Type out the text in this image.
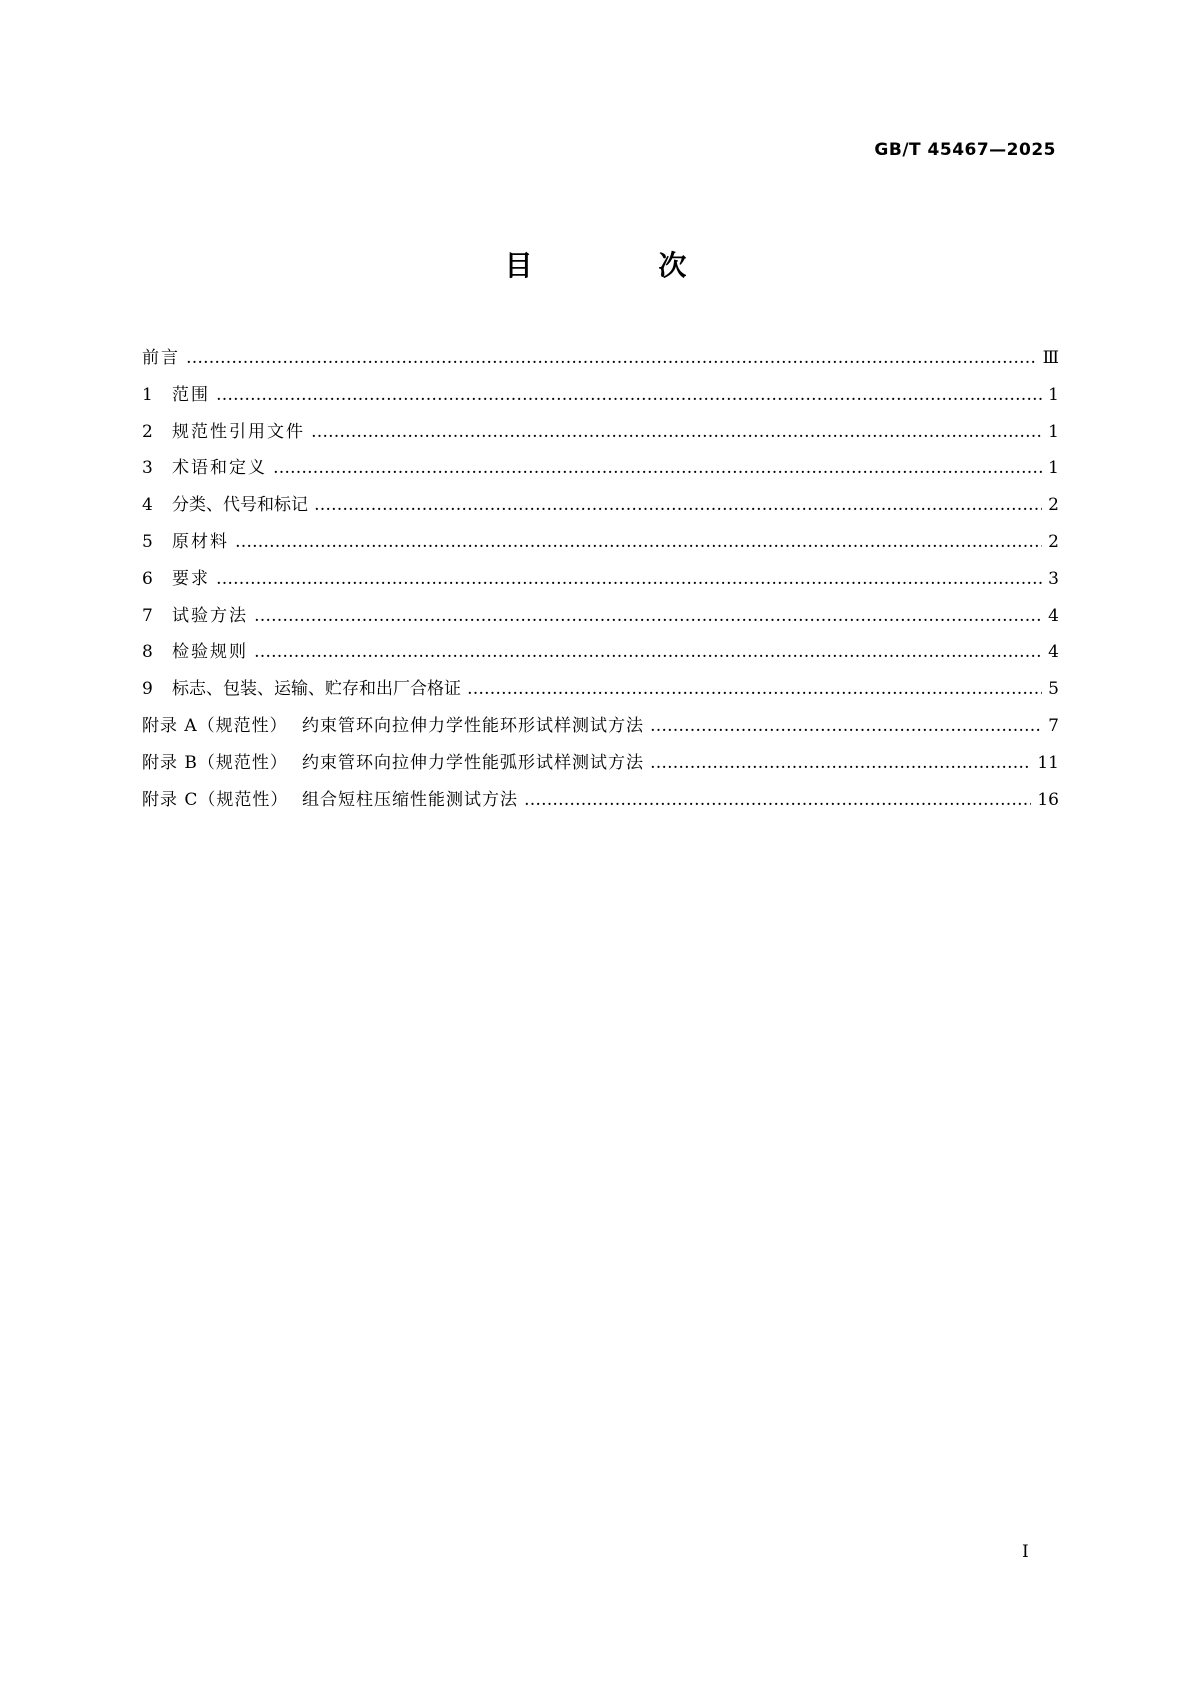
GB/T 45467—2025
目 次
前言 ……………………………………………………………………………………………………………………………………………………………………………………………………	Ⅲ
1	范围 ……………………………………………………………………………………………………………………………………………………………………………………………………	1
2	规范性引用文件 ……………………………………………………………………………………………………………………………………………………………………………………………………	1
3	术语和定义 ……………………………………………………………………………………………………………………………………………………………………………………………………	1
4	分类、代号和标记 ……………………………………………………………………………………………………………………………………………………………………………………………………	2
5	原材料 ……………………………………………………………………………………………………………………………………………………………………………………………………	2
6	要求 ……………………………………………………………………………………………………………………………………………………………………………………………………	3
7	试验方法 ……………………………………………………………………………………………………………………………………………………………………………………………………	4
8	检验规则 ……………………………………………………………………………………………………………………………………………………………………………………………………	4
9	标志、包装、运输、贮存和出厂合格证 ……………………………………………………………………………………………………………………………………………………………………………………………………	5
附录 A（规范性） 约束管环向拉伸力学性能环形试样测试方法 ……………………………………………………………………………………………………………………………………………………………………………………………………	7
附录 B（规范性） 约束管环向拉伸力学性能弧形试样测试方法 ……………………………………………………………………………………………………………………………………………………………………………………………………	11
附录 C（规范性） 组合短柱压缩性能测试方法 ……………………………………………………………………………………………………………………………………………………………………………………………………	16
Ⅰ
